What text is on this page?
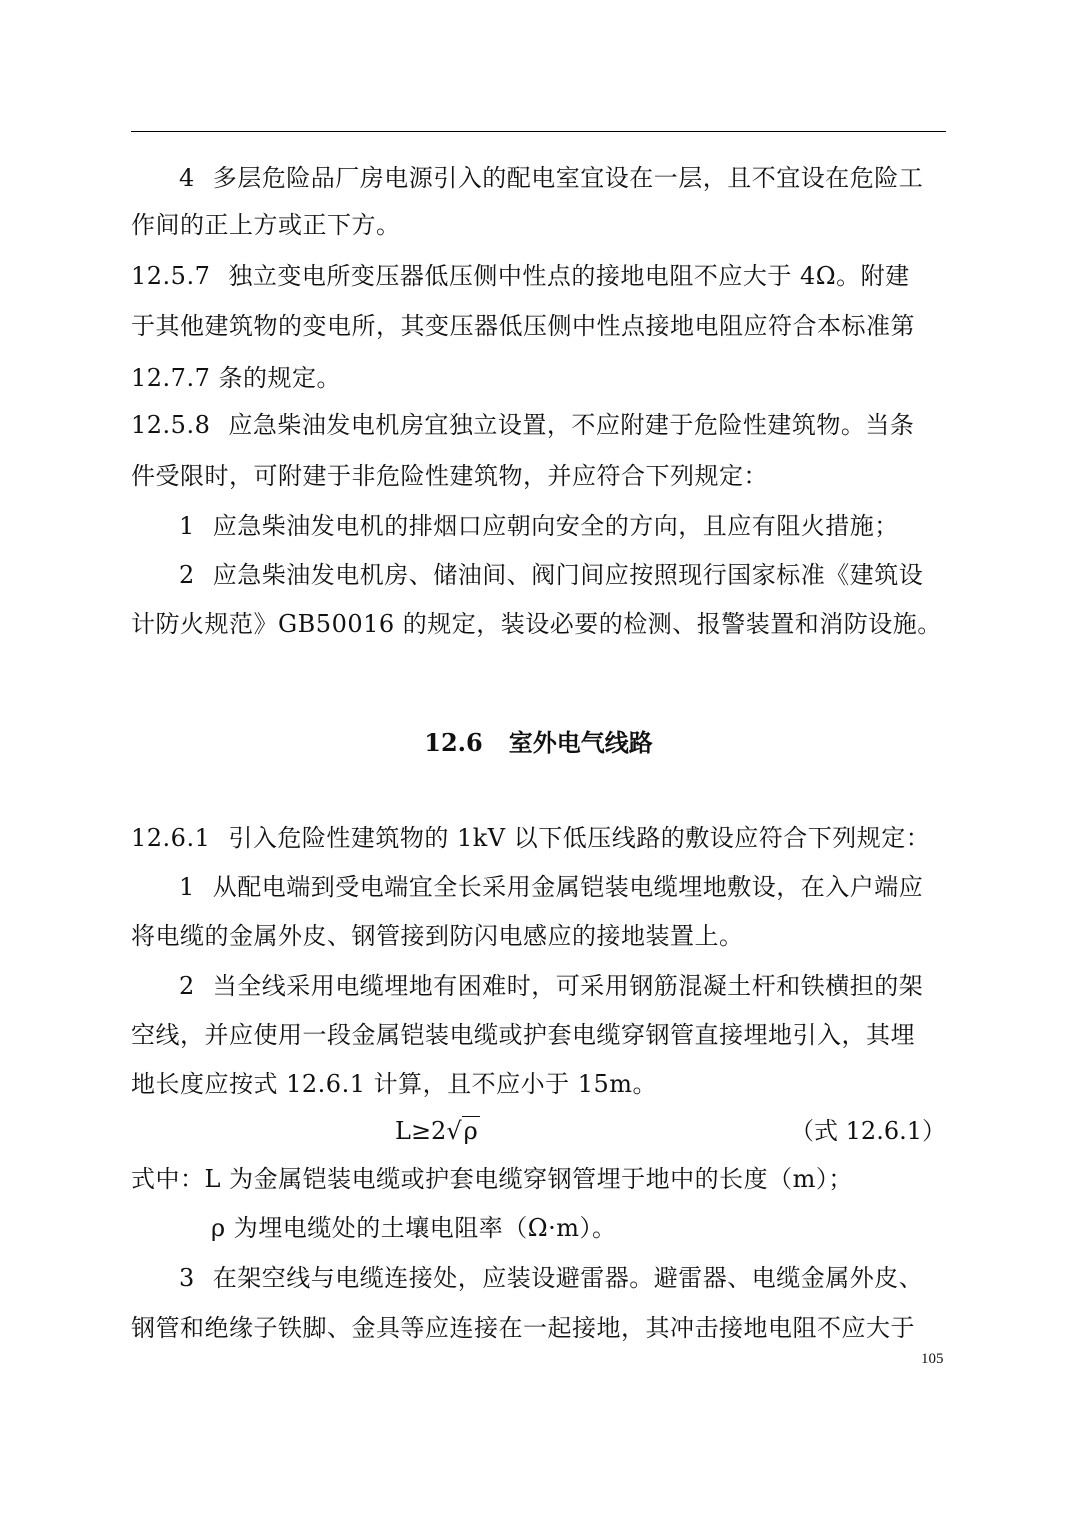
4 多层危险品厂房电源引入的配电室宜设在一层，且不宜设在危险工
作间的正上方或正下方。
12.5.7 独立变电所变压器低压侧中性点的接地电阻不应大于 4Ω。附建
于其他建筑物的变电所，其变压器低压侧中性点接地电阻应符合本标准第
12.7.7 条的规定。
12.5.8 应急柴油发电机房宜独立设置，不应附建于危险性建筑物。当条
件受限时，可附建于非危险性建筑物，并应符合下列规定：
1 应急柴油发电机的排烟口应朝向安全的方向，且应有阻火措施；
2 应急柴油发电机房、储油间、阀门间应按照现行国家标准《建筑设
计防火规范》GB50016 的规定，装设必要的检测、报警装置和消防设施。
12.6 室外电气线路
12.6.1 引入危险性建筑物的 1kV 以下低压线路的敷设应符合下列规定：
1 从配电端到受电端宜全长采用金属铠装电缆埋地敷设，在入户端应
将电缆的金属外皮、钢管接到防闪电感应的接地装置上。
2 当全线采用电缆埋地有困难时，可采用钢筋混凝土杆和铁横担的架
空线，并应使用一段金属铠装电缆或护套电缆穿钢管直接埋地引入，其埋
地长度应按式 12.6.1 计算，且不应小于 15m。
L≥2√ρ	（式 12.6.1）
式中：L 为金属铠装电缆或护套电缆穿钢管埋于地中的长度（m）；
ρ 为埋电缆处的土壤电阻率（Ω·m）。
3 在架空线与电缆连接处，应装设避雷器。避雷器、电缆金属外皮、
钢管和绝缘子铁脚、金具等应连接在一起接地，其冲击接地电阻不应大于
105
